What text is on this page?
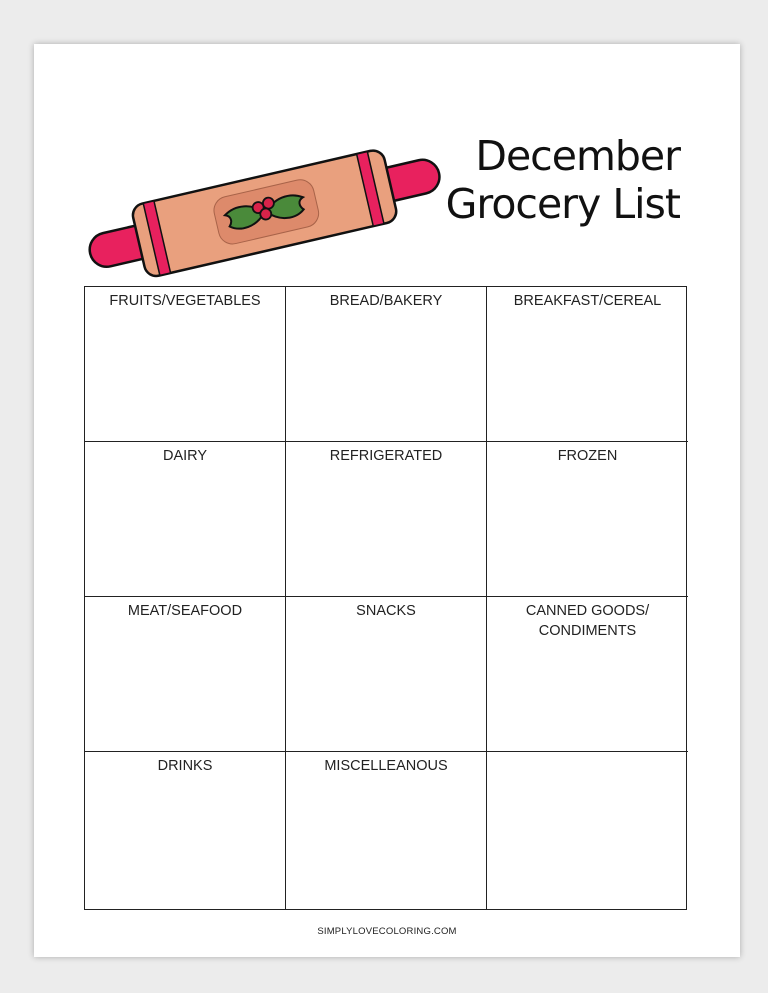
December
Grocery List
FRUITS/VEGETABLES	BREAD/BAKERY	BREAKFAST/CEREAL
DAIRY	REFRIGERATED	FROZEN
MEAT/SEAFOOD	SNACKS	CANNED GOODS/
CONDIMENTS
DRINKS	MISCELLEANOUS
SIMPLYLOVECOLORING.COM
